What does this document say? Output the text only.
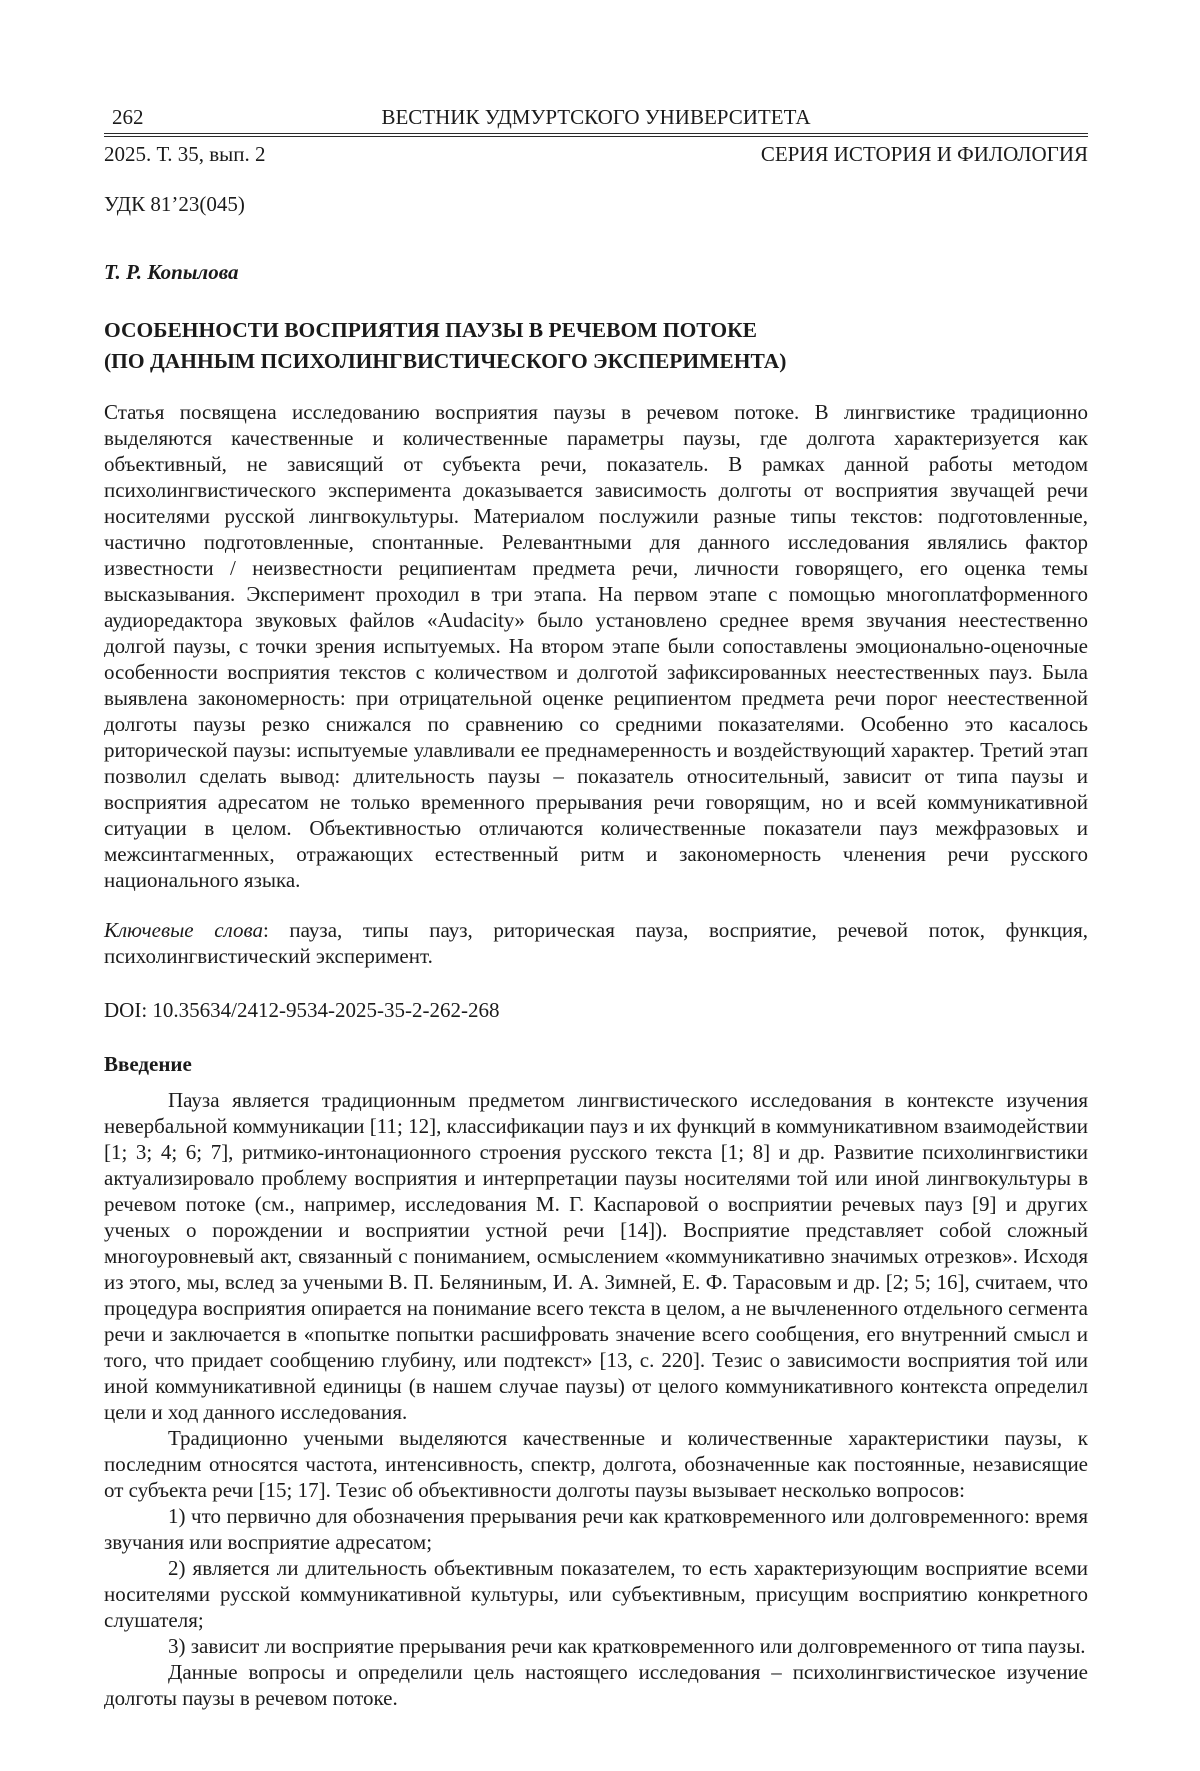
262	ВЕСТНИК УДМУРТСКОГО УНИВЕРСИТЕТА
2025. Т. 35, вып. 2	СЕРИЯ ИСТОРИЯ И ФИЛОЛОГИЯ
УДК 81’23(045)
Т. Р. Копылова
ОСОБЕННОСТИ ВОСПРИЯТИЯ ПАУЗЫ В РЕЧЕВОМ ПОТОКЕ
(ПО ДАННЫМ ПСИХОЛИНГВИСТИЧЕСКОГО ЭКСПЕРИМЕНТА)
Статья посвящена исследованию восприятия паузы в речевом потоке. В лингвистике традиционно выделяются качественные и количественные параметры паузы, где долгота характеризуется как объективный, не зависящий от субъекта речи, показатель. В рамках данной работы методом психолингвистического эксперимента доказывается зависимость долготы от восприятия звучащей речи носителями русской лингвокультуры. Материалом послужили разные типы текстов: подготовленные, частично подготовленные, спонтанные. Релевантными для данного исследования являлись фактор известности / неизвестности реципиентам предмета речи, личности говорящего, его оценка темы высказывания. Эксперимент проходил в три этапа. На первом этапе с помощью многоплатформенного аудиоредактора звуковых файлов «Audacity» было установлено среднее время звучания неестественно долгой паузы, с точки зрения испытуемых. На втором этапе были сопоставлены эмоционально-оценочные особенности восприятия текстов с количеством и долготой зафиксированных неестественных пауз. Была выявлена закономерность: при отрицательной оценке реципиентом предмета речи порог неестественной долготы паузы резко снижался по сравнению со средними показателями. Особенно это касалось риторической паузы: испытуемые улавливали ее преднамеренность и воздействующий характер. Третий этап позволил сделать вывод: длительность паузы – показатель относительный, зависит от типа паузы и восприятия адресатом не только временного прерывания речи говорящим, но и всей коммуникативной ситуации в целом. Объективностью отличаются количественные показатели пауз межфразовых и межсинтагменных, отражающих естественный ритм и закономерность членения речи русского национального языка.

Ключевые слова: пауза, типы пауз, риторическая пауза, восприятие, речевой поток, функция, психолингвистический эксперимент.

DOI: 10.35634/2412-9534-2025-35-2-262-268
Введение

Пауза является традиционным предметом лингвистического исследования в контексте изучения невербальной коммуникации [11; 12], классификации пауз и их функций в коммуникативном взаимодействии [1; 3; 4; 6; 7], ритмико-интонационного строения русского текста [1; 8] и др. Развитие психолингвистики актуализировало проблему восприятия и интерпретации паузы носителями той или иной лингвокультуры в речевом потоке (см., например, исследования М. Г. Каспаровой о восприятии речевых пауз [9] и других ученых о порождении и восприятии устной речи [14]). Восприятие представляет собой сложный многоуровневый акт, связанный с пониманием, осмыслением «коммуникативно значимых отрезков». Исходя из этого, мы, вслед за учеными В. П. Беляниным, И. А. Зимней, Е. Ф. Тарасовым и др. [2; 5; 16], считаем, что процедура восприятия опирается на понимание всего текста в целом, а не вычлененного отдельного сегмента речи и заключается в «попытке попытки расшифровать значение всего сообщения, его внутренний смысл и того, что придает сообщению глубину, или подтекст» [13, с. 220]. Тезис о зависимости восприятия той или иной коммуникативной единицы (в нашем случае паузы) от целого коммуникативного контекста определил цели и ход данного исследования.

Традиционно учеными выделяются качественные и количественные характеристики паузы, к последним относятся частота, интенсивность, спектр, долгота, обозначенные как постоянные, независящие от субъекта речи [15; 17]. Тезис об объективности долготы паузы вызывает несколько вопросов:

1) что первично для обозначения прерывания речи как кратковременного или долговременного: время звучания или восприятие адресатом;

2) является ли длительность объективным показателем, то есть характеризующим восприятие всеми носителями русской коммуникативной культуры, или субъективным, присущим восприятию конкретного слушателя;

3) зависит ли восприятие прерывания речи как кратковременного или долговременного от типа паузы.

Данные вопросы и определили цель настоящего исследования – психолингвистическое изучение долготы паузы в речевом потоке.
